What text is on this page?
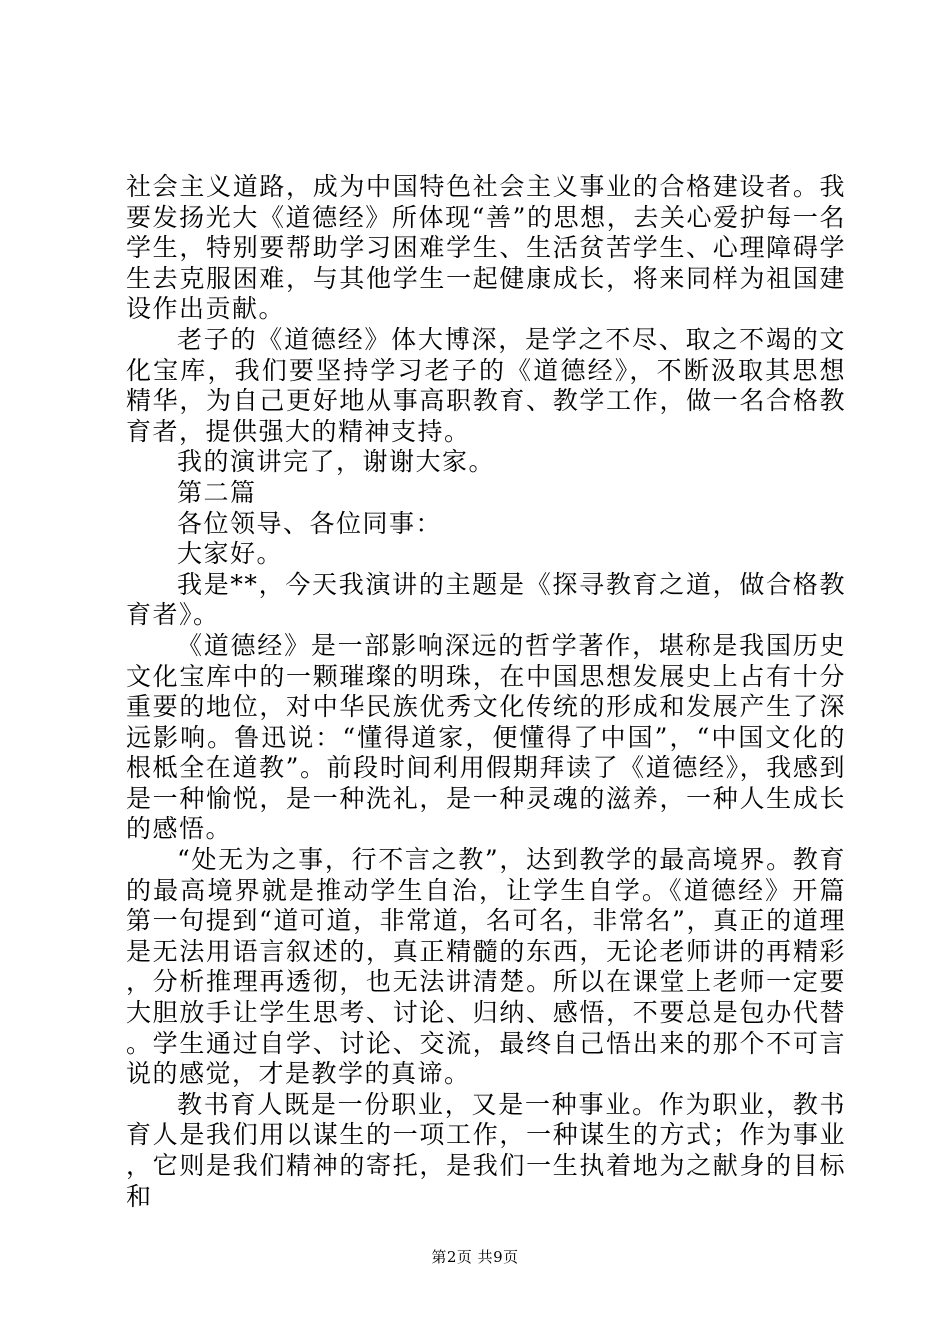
社会主义道路，成为中国特色社会主义事业的合格建设者。我要发扬光大《道德经》所体现“善”的思想，去关心爱护每一名学生，特别要帮助学习困难学生、生活贫苦学生、心理障碍学生去克服困难，与其他学生一起健康成长，将来同样为祖国建设作出贡献。

老子的《道德经》体大博深，是学之不尽、取之不竭的文化宝库，我们要坚持学习老子的《道德经》，不断汲取其思想精华，为自己更好地从事高职教育、教学工作，做一名合格教育者，提供强大的精神支持。

我的演讲完了，谢谢大家。

第二篇

各位领导、各位同事：

大家好。

我是**，今天我演讲的主题是《探寻教育之道，做合格教育者》。

《道德经》是一部影响深远的哲学著作，堪称是我国历史文化宝库中的一颗璀璨的明珠，在中国思想发展史上占有十分重要的地位，对中华民族优秀文化传统的形成和发展产生了深远影响。鲁迅说：“懂得道家，便懂得了中国”，“中国文化的根柢全在道教”。前段时间利用假期拜读了《道德经》，我感到是一种愉悦，是一种洗礼，是一种灵魂的滋养，一种人生成长的感悟。

“处无为之事，行不言之教”，达到教学的最高境界。教育的最高境界就是推动学生自治，让学生自学。《道德经》开篇第一句提到“道可道，非常道，名可名，非常名”，真正的道理是无法用语言叙述的，真正精髓的东西，无论老师讲的再精彩，分析推理再透彻，也无法讲清楚。所以在课堂上老师一定要大胆放手让学生思考、讨论、归纳、感悟，不要总是包办代替。学生通过自学、讨论、交流，最终自己悟出来的那个不可言说的感觉，才是教学的真谛。

教书育人既是一份职业，又是一种事业。作为职业，教书育人是我们用以谋生的一项工作，一种谋生的方式；作为事业，它则是我们精神的寄托，是我们一生执着地为之献身的目标和

第2页 共9页
